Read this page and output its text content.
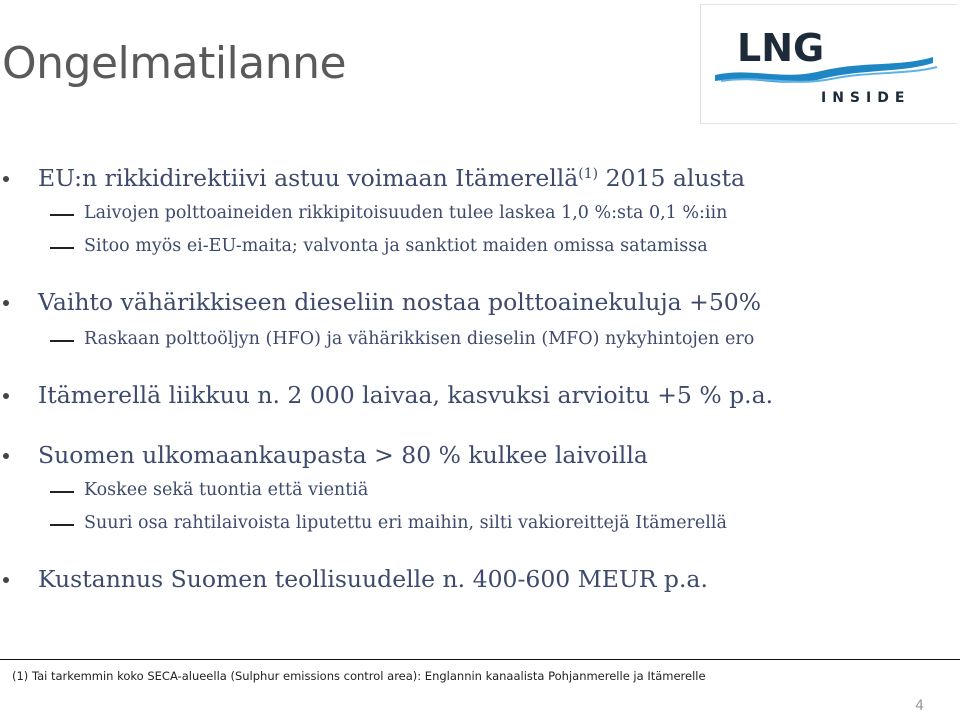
Ongelmatilanne	LNG
INSIDE
EU:n rikkidirektiivi astuu voimaan Itämerellä$^{(1)}$ 2015 alusta
Laivojen polttoaineiden rikkipitoisuuden tulee laskea 1,0 %:sta 0,1 %:iin
Sitoo myös ei-EU-maita; valvonta ja sanktiot maiden omissa satamissa
Vaihto vähärikkiseen dieseliin nostaa polttoainekuluja +50%
Raskaan polttoöljyn (HFO) ja vähärikkisen dieselin (MFO) nykyhintojen ero
Itämerellä liikkuu n. 2 000 laivaa, kasvuksi arvioitu +5 % p.a.
Suomen ulkomaankaupasta > 80 % kulkee laivoilla
Koskee sekä tuontia että vientiä
Suuri osa rahtilaivoista liputettu eri maihin, silti vakioreittejä Itämerellä
Kustannus Suomen teollisuudelle n. 400-600 MEUR p.a.
(1) Tai tarkemmin koko SECA-alueella (Sulphur emissions control area): Englannin kanaalista Pohjanmerelle ja Itämerelle
4
